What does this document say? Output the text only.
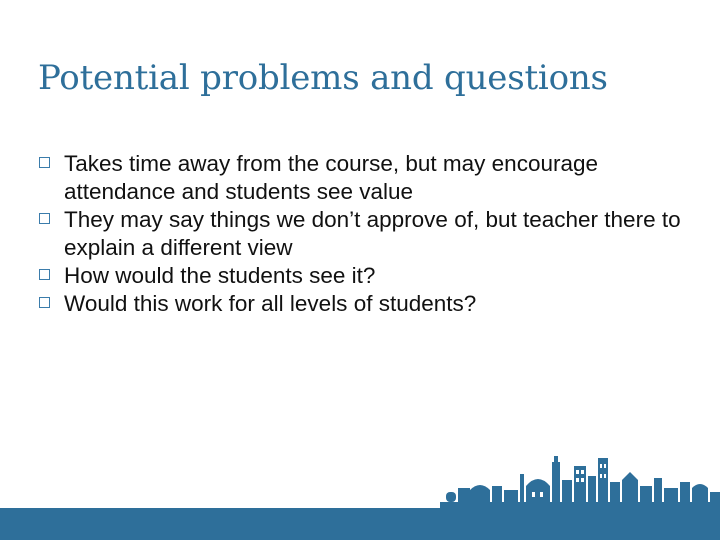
Potential problems and questions
Takes time away from the course, but may encourage attendance and students see value
They may say things we don’t approve of, but teacher there to explain a different view
How would the students see it?
Would this work for all levels of students?
